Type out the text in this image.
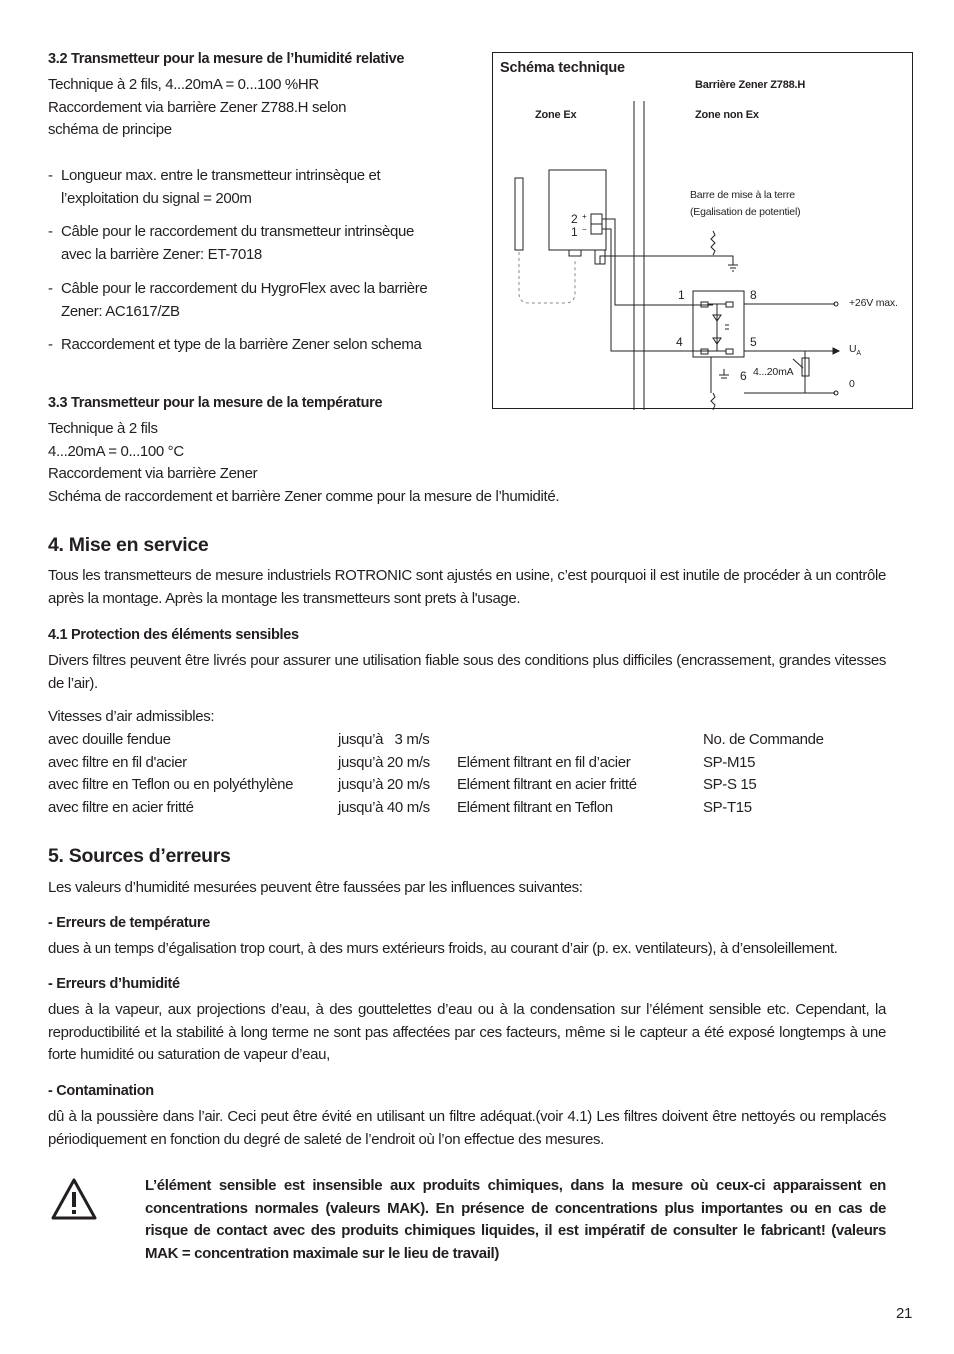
3.2 Transmetteur pour la mesure de l’humidité relative
Technique à 2 fils, 4...20mA = 0...100 %HR
Raccordement via barrière Zener Z788.H selon
schéma de principe
- Longueur max. entre le transmetteur intrinsèque et
l’exploitation du signal = 200m
- Câble pour le raccordement du transmetteur intrinsèque
avec la barrière Zener: ET-7018
- Câble pour le raccordement du HygroFlex avec la barrière
Zener: AC1617/ZB
- Raccordement et type de la barrière Zener selon schema
Schéma technique
Barrière Zener Z788.H
Zone Ex	Zone non Ex
Barre de mise à la terre
(Egalisation de potentiel)
2 +
1 −
1	8
4	5
6 4...20mA
+26V max.
$U_A$
0
3.3 Transmetteur pour la mesure de la température
Technique à 2 fils
4...20mA = 0...100 °C
Raccordement via barrière Zener
Schéma de raccordement et barrière Zener comme pour la mesure de l’humidité.
4. Mise en service
Tous les transmetteurs de mesure industriels ROTRONIC sont ajustés en usine, c’est pourquoi il est inutile de procéder à un contrôle après la montage. Après la montage les transmetteurs sont prets à l'usage.
4.1 Protection des éléments sensibles
Divers filtres peuvent être livrés pour assurer une utilisation fiable sous des conditions plus difficiles (encrassement, grandes vitesses de l’air).
Vitesses d’air admissibles:
avec douille fendue	jusqu’à   3 m/s		No. de Commande
avec filtre en fil d'acier	jusqu’à 20 m/s	Elément filtrant en fil d’acier	SP-M15
avec filtre en Teflon ou en polyéthylène	jusqu’à 20 m/s	Elément filtrant en acier fritté	SP-S 15
avec filtre en acier fritté	jusqu’à 40 m/s	Elément filtrant en Teflon	SP-T15
5. Sources d’erreurs
Les valeurs d’humidité mesurées peuvent être faussées par les influences suivantes:
- Erreurs de température
dues à un temps d’égalisation trop court, à des murs extérieurs froids, au courant d’air (p. ex. ventilateurs), à d’ensoleillement.
- Erreurs d’humidité
dues à la vapeur, aux projections d’eau, à des gouttelettes d’eau ou à la condensation sur l’élément sensible etc. Cependant, la reproductibilité et la stabilité à long terme ne sont pas affectées par ces facteurs, même si le capteur a été exposé longtemps à une forte humidité ou saturation de vapeur d’eau,
- Contamination
dû à la poussière dans l’air. Ceci peut être évité en utilisant un filtre adéquat.(voir 4.1) Les filtres doivent être nettoyés ou remplacés périodiquement en fonction du degré de saleté de l’endroit où l’on effectue des mesures.
L’élément sensible est insensible aux produits chimiques, dans la mesure où ceux-ci apparaissent en concentrations normales (valeurs MAK). En présence de concentrations plus importantes ou en cas de risque de contact avec des produits chimiques liquides, il est impératif de consulter le fabricant! (valeurs MAK = concentration maximale sur le lieu de travail)
21
